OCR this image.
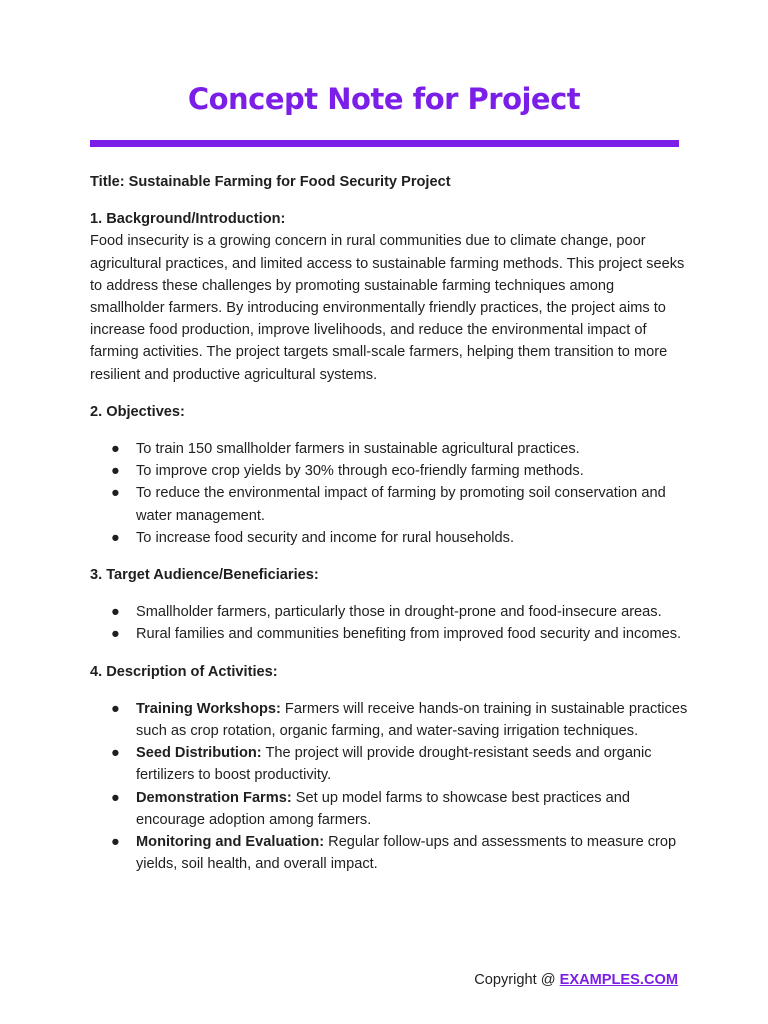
Concept Note for Project

Title: Sustainable Farming for Food Security Project

1. Background/Introduction:

Food insecurity is a growing concern in rural communities due to climate change, poor agricultural practices, and limited access to sustainable farming methods. This project seeks to address these challenges by promoting sustainable farming techniques among smallholder farmers. By introducing environmentally friendly practices, the project aims to increase food production, improve livelihoods, and reduce the environmental impact of farming activities. The project targets small-scale farmers, helping them transition to more resilient and productive agricultural systems.

2. Objectives:

● To train 150 smallholder farmers in sustainable agricultural practices.
● To improve crop yields by 30% through eco-friendly farming methods.
● To reduce the environmental impact of farming by promoting soil conservation and water management.
● To increase food security and income for rural households.

3. Target Audience/Beneficiaries:

● Smallholder farmers, particularly those in drought-prone and food-insecure areas.
● Rural families and communities benefiting from improved food security and incomes.

4. Description of Activities:

● Training Workshops: Farmers will receive hands-on training in sustainable practices such as crop rotation, organic farming, and water-saving irrigation techniques.
● Seed Distribution: The project will provide drought-resistant seeds and organic fertilizers to boost productivity.
● Demonstration Farms: Set up model farms to showcase best practices and encourage adoption among farmers.
● Monitoring and Evaluation: Regular follow-ups and assessments to measure crop yields, soil health, and overall impact.
Copyright @ EXAMPLES.COM
